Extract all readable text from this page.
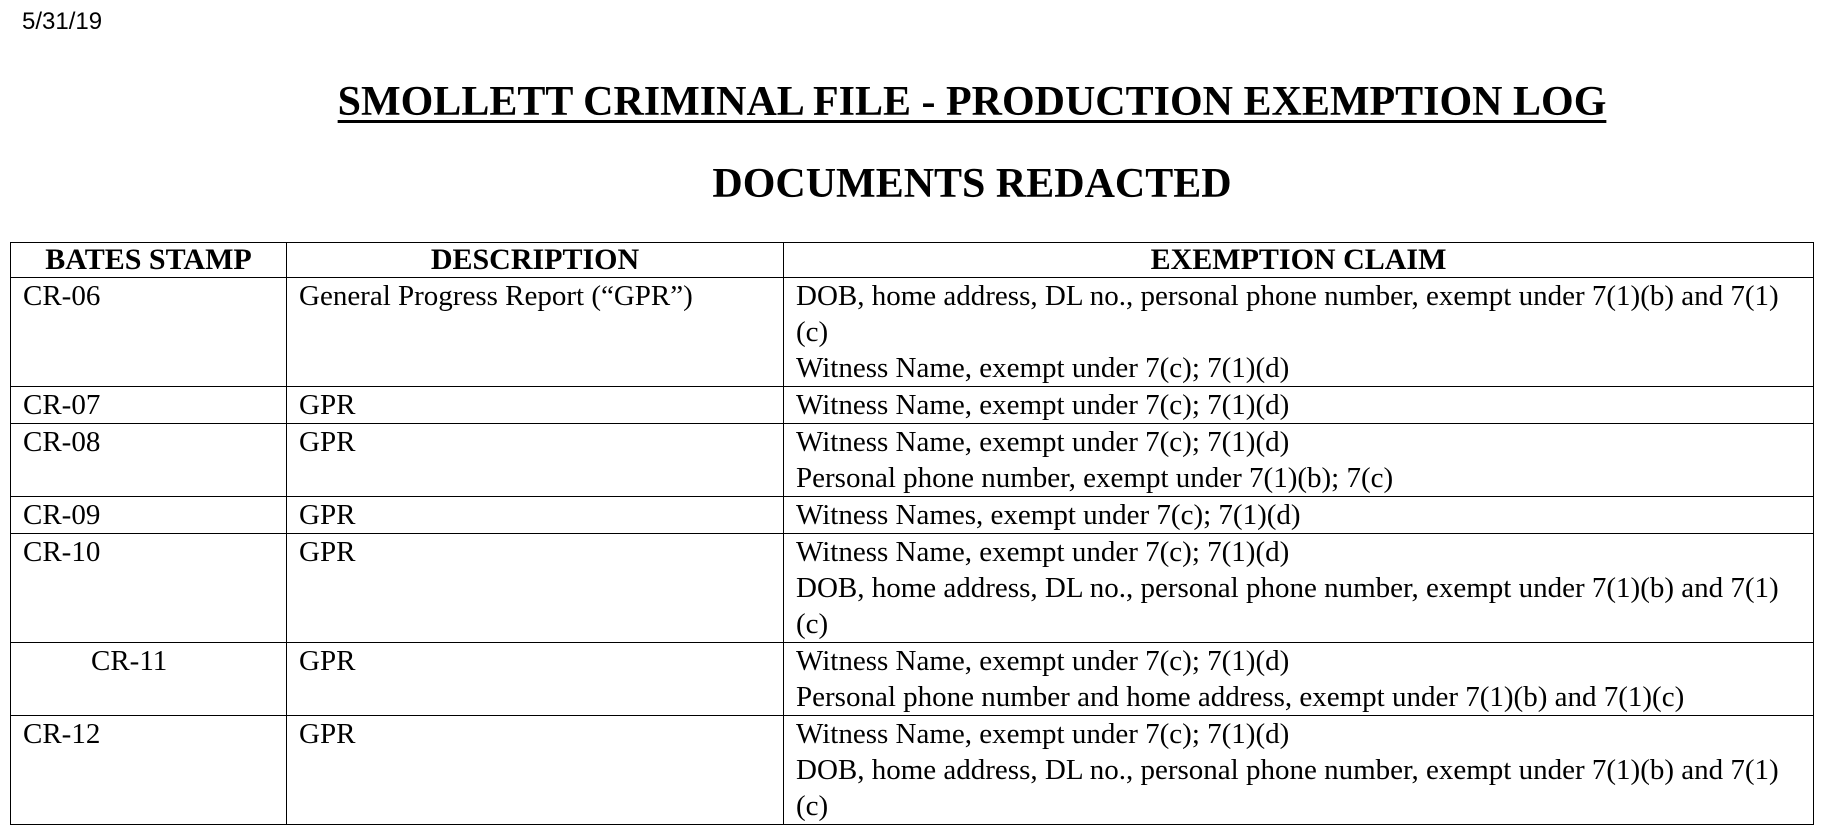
5/31/19
SMOLLETT CRIMINAL FILE - PRODUCTION EXEMPTION LOG
DOCUMENTS REDACTED
BATES STAMP	DESCRIPTION	EXEMPTION CLAIM
CR-06	General Progress Report (“GPR”)	DOB, home address, DL no., personal phone number, exempt under 7(1)(b) and 7(1)(c)
Witness Name, exempt under 7(c); 7(1)(d)

CR-07	GPR	Witness Name, exempt under 7(c); 7(1)(d)

CR-08	GPR	Witness Name, exempt under 7(c); 7(1)(d)
Personal phone number, exempt under 7(1)(b); 7(c)

CR-09	GPR	Witness Names, exempt under 7(c); 7(1)(d)

CR-10	GPR	Witness Name, exempt under 7(c); 7(1)(d)
DOB, home address, DL no., personal phone number, exempt under 7(1)(b) and 7(1)(c)

CR-11	GPR	Witness Name, exempt under 7(c); 7(1)(d)
Personal phone number and home address, exempt under 7(1)(b) and 7(1)(c)

CR-12	GPR	Witness Name, exempt under 7(c); 7(1)(d)
DOB, home address, DL no., personal phone number, exempt under 7(1)(b) and 7(1)(c)
